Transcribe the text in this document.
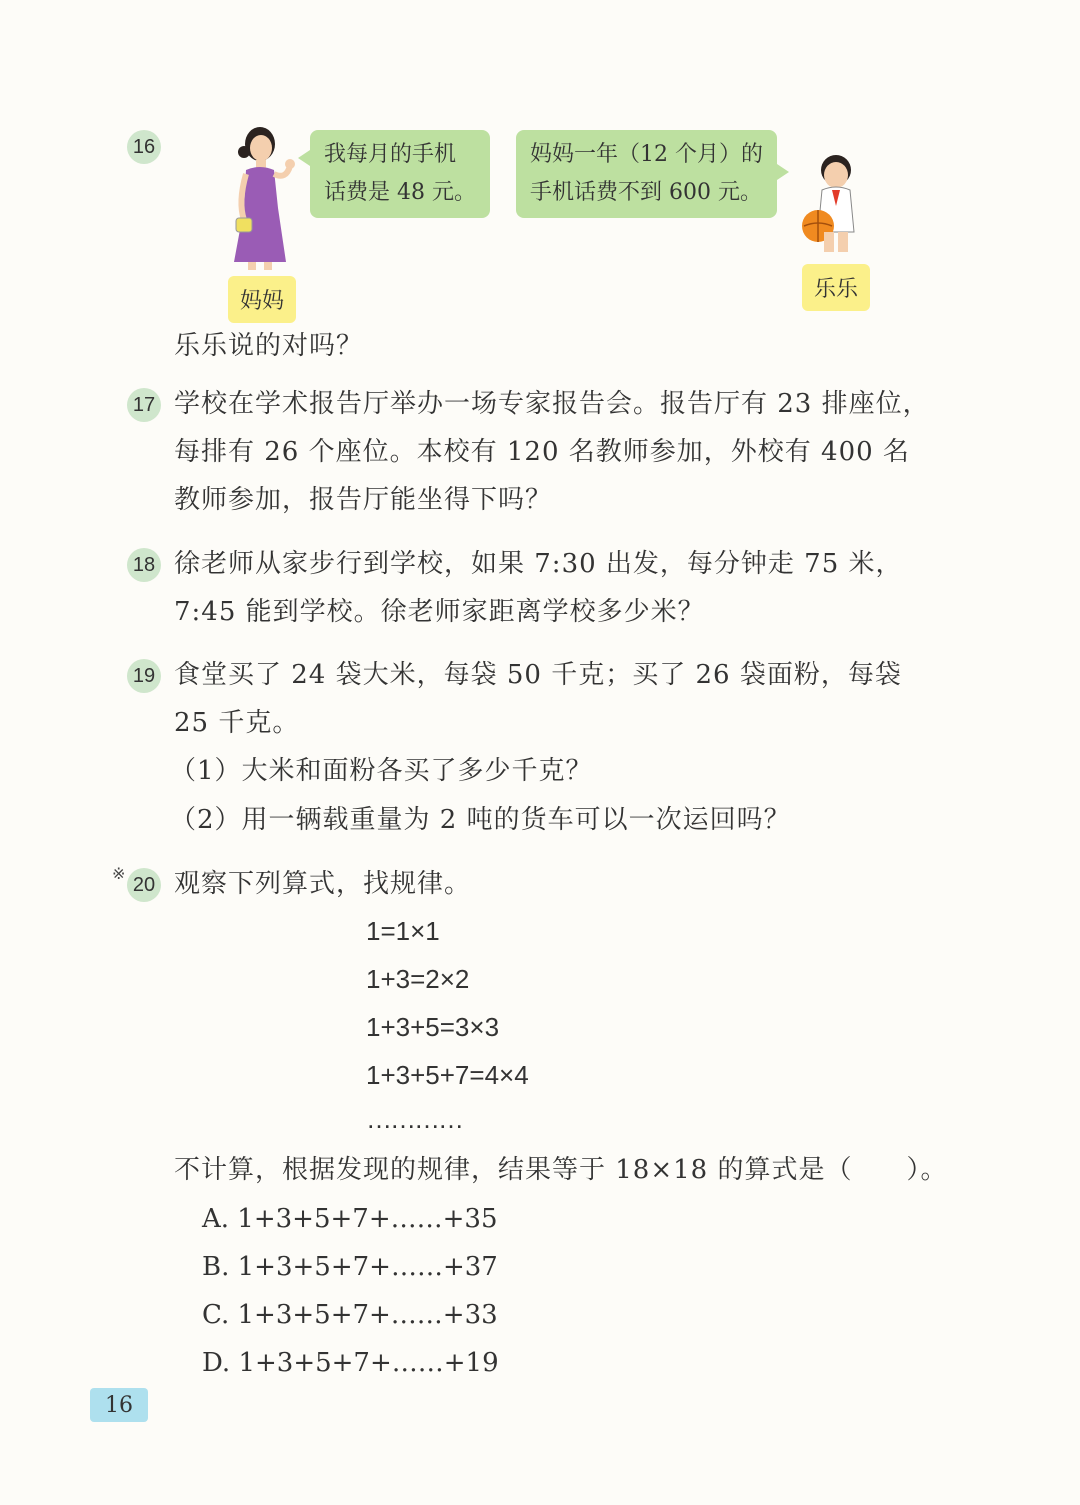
16	我每月的手机
话费是 48 元。
妈妈一年（12 个月）的
手机话费不到 600 元。
妈妈	乐乐
乐乐说的对吗？
17 学校在学术报告厅举办一场专家报告会。报告厅有 23 排座位，
每排有 26 个座位。本校有 120 名教师参加，外校有 400 名
教师参加，报告厅能坐得下吗？
18 徐老师从家步行到学校，如果 7:30 出发，每分钟走 75 米，
7:45 能到学校。徐老师家距离学校多少米？
19 食堂买了 24 袋大米，每袋 50 千克；买了 26 袋面粉，每袋
25 千克。
（1）大米和面粉各买了多少千克？
（2）用一辆载重量为 2 吨的货车可以一次运回吗？
※ 20 观察下列算式，找规律。
1=1×1
1+3=2×2
1+3+5=3×3
1+3+5+7=4×4
…………
不计算，根据发现的规律，结果等于 18×18 的算式是（　　）。
A. 1+3+5+7+……+35
B. 1+3+5+7+……+37
C. 1+3+5+7+……+33
D. 1+3+5+7+……+19
16
